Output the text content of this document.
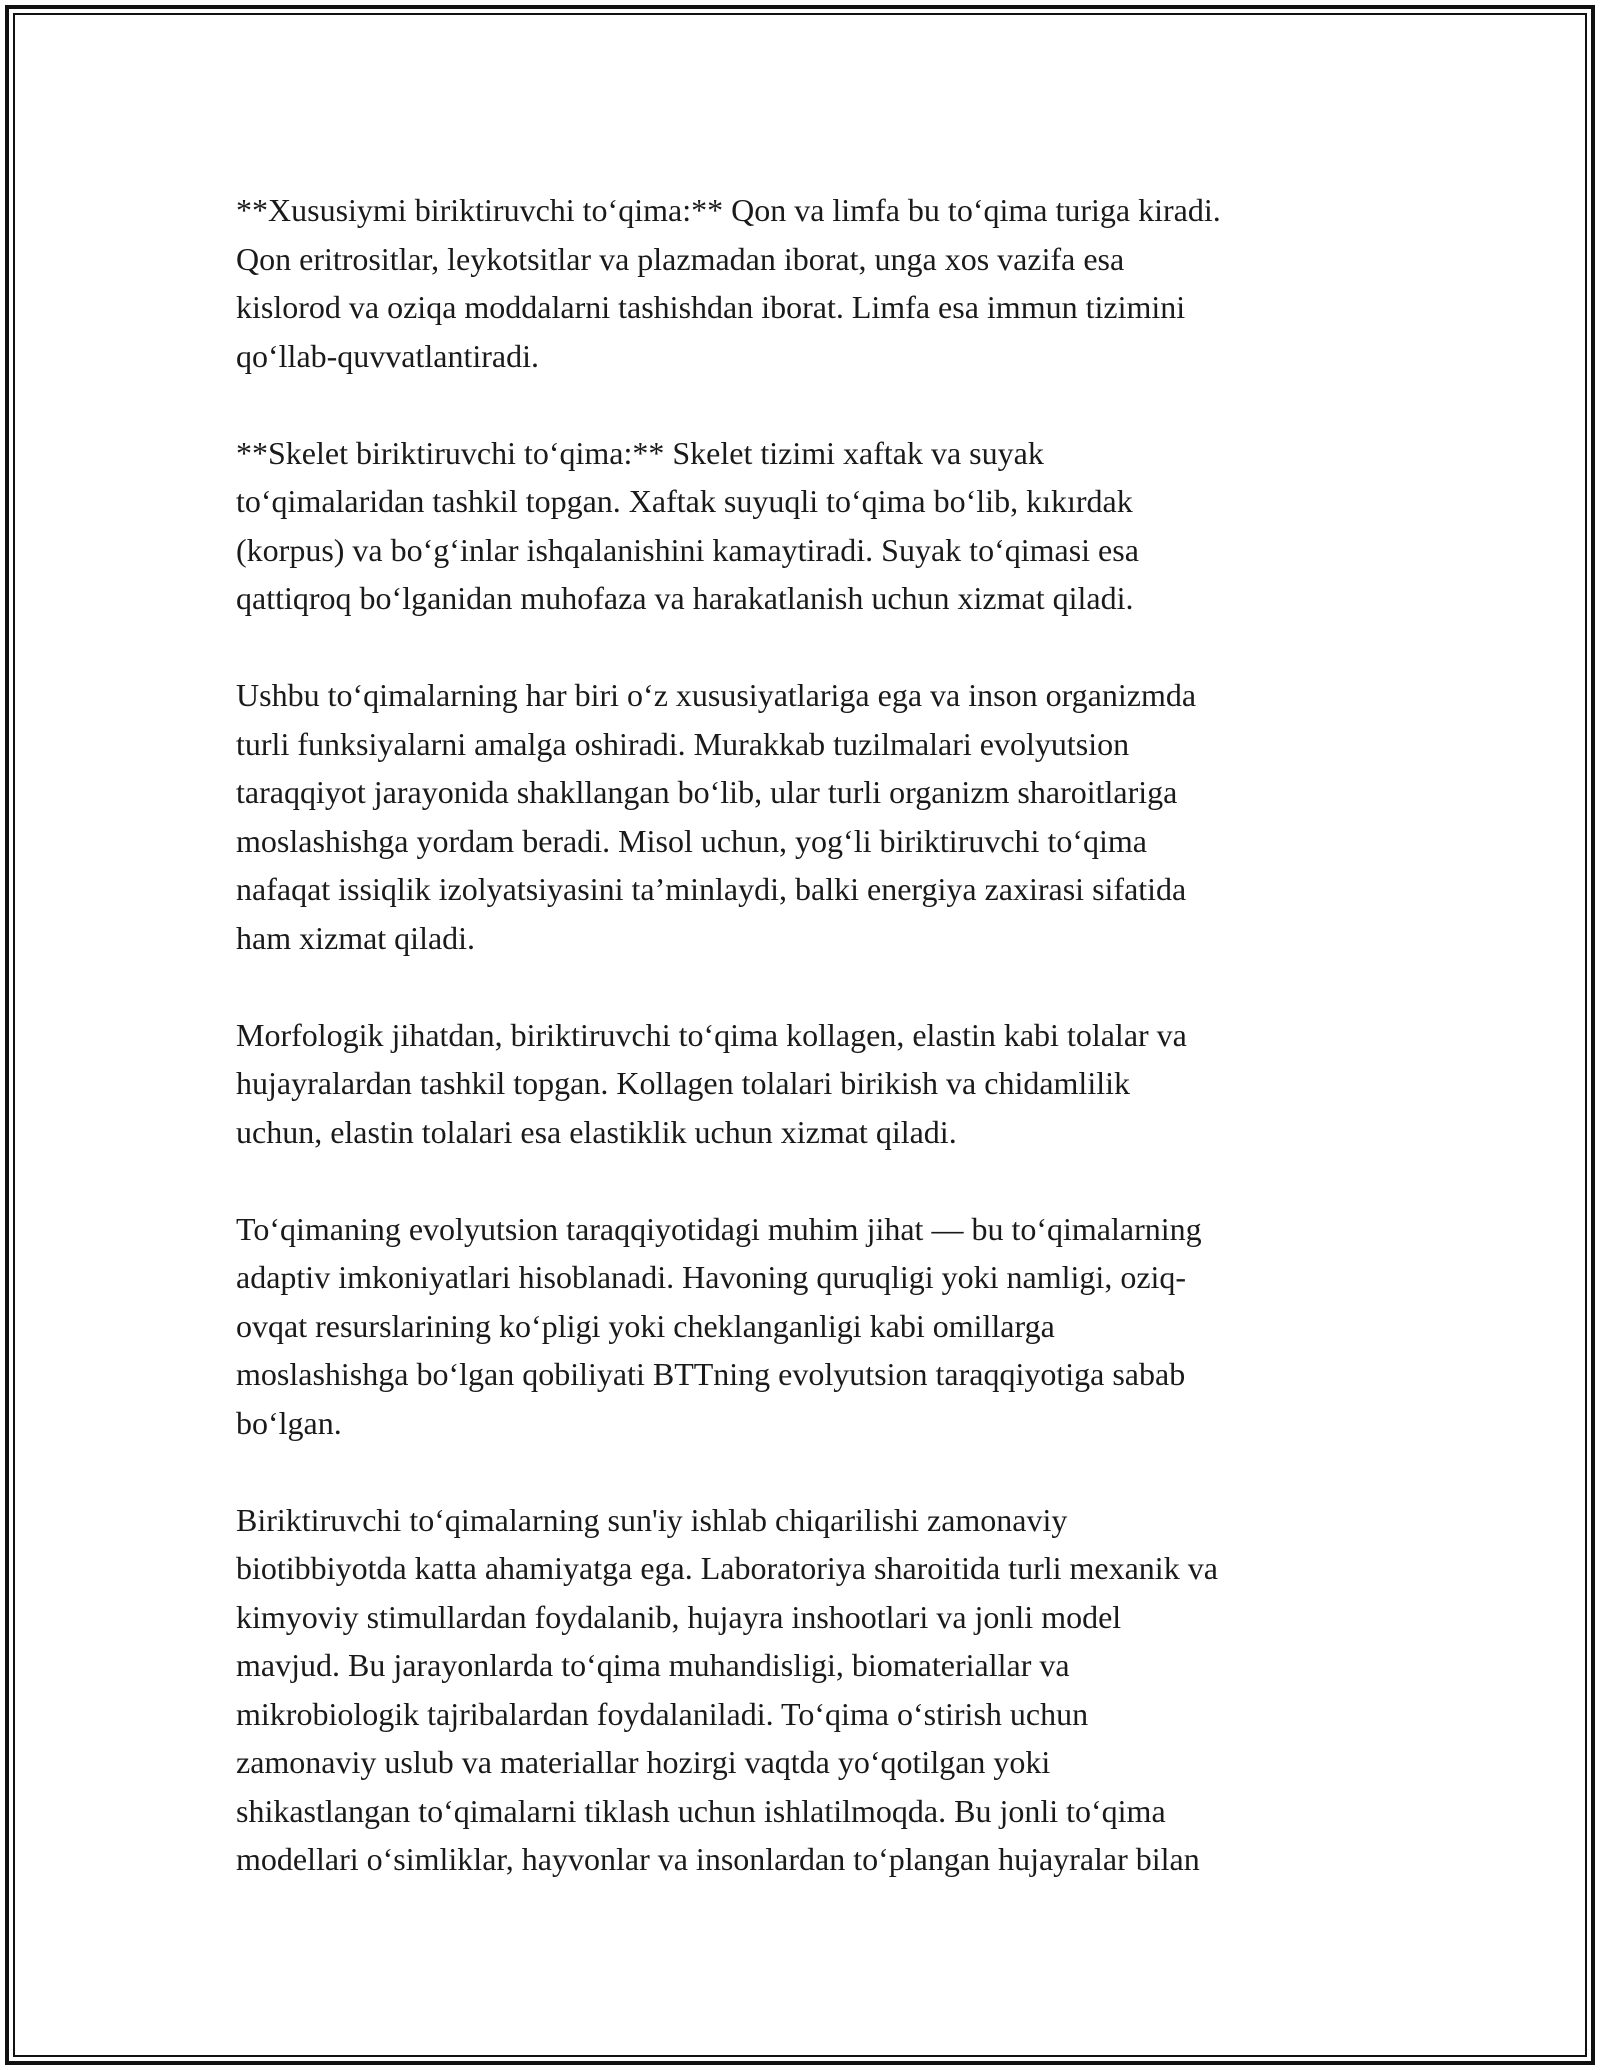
**Xususiymi biriktiruvchi to‘qima:** Qon va limfa bu to‘qima turiga kiradi.
Qon eritrositlar, leykotsitlar va plazmadan iborat, unga xos vazifa esa
kislorod va oziqa moddalarni tashishdan iborat. Limfa esa immun tizimini
qo‘llab-quvvatlantiradi.

**Skelet biriktiruvchi to‘qima:** Skelet tizimi xaftak va suyak
to‘qimalaridan tashkil topgan. Xaftak suyuqli to‘qima bo‘lib, kıkırdak
(korpus) va bo‘g‘inlar ishqalanishini kamaytiradi. Suyak to‘qimasi esa
qattiqroq bo‘lganidan muhofaza va harakatlanish uchun xizmat qiladi.

Ushbu to‘qimalarning har biri o‘z xususiyatlariga ega va inson organizmda
turli funksiyalarni amalga oshiradi. Murakkab tuzilmalari evolyutsion
taraqqiyot jarayonida shakllangan bo‘lib, ular turli organizm sharoitlariga
moslashishga yordam beradi. Misol uchun, yog‘li biriktiruvchi to‘qima
nafaqat issiqlik izolyatsiyasini ta’minlaydi, balki energiya zaxirasi sifatida
ham xizmat qiladi.

Morfologik jihatdan, biriktiruvchi to‘qima kollagen, elastin kabi tolalar va
hujayralardan tashkil topgan. Kollagen tolalari birikish va chidamlilik
uchun, elastin tolalari esa elastiklik uchun xizmat qiladi.

To‘qimaning evolyutsion taraqqiyotidagi muhim jihat — bu to‘qimalarning
adaptiv imkoniyatlari hisoblanadi. Havoning quruqligi yoki namligi, oziq-
ovqat resurslarining ko‘pligi yoki cheklanganligi kabi omillarga
moslashishga bo‘lgan qobiliyati BTTning evolyutsion taraqqiyotiga sabab
bo‘lgan.

Biriktiruvchi to‘qimalarning sun'iy ishlab chiqarilishi zamonaviy
biotibbiyotda katta ahamiyatga ega. Laboratoriya sharoitida turli mexanik va
kimyoviy stimullardan foydalanib, hujayra inshootlari va jonli model
mavjud. Bu jarayonlarda to‘qima muhandisligi, biomateriallar va
mikrobiologik tajribalardan foydalaniladi. To‘qima o‘stirish uchun
zamonaviy uslub va materiallar hozirgi vaqtda yo‘qotilgan yoki
shikastlangan to‘qimalarni tiklash uchun ishlatilmoqda. Bu jonli to‘qima
modellari o‘simliklar, hayvonlar va insonlardan to‘plangan hujayralar bilan
